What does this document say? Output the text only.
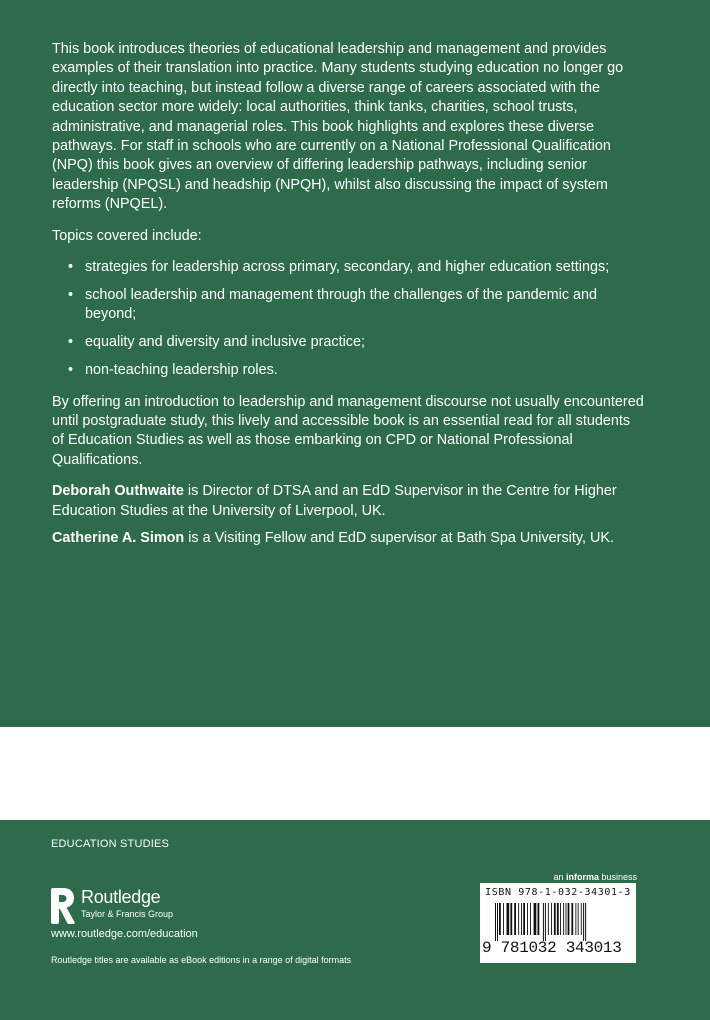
This book introduces theories of educational leadership and management and provides examples of their translation into practice. Many students studying education no longer go directly into teaching, but instead follow a diverse range of careers associated with the education sector more widely: local authorities, think tanks, charities, school trusts, administrative, and managerial roles. This book highlights and explores these diverse pathways. For staff in schools who are currently on a National Professional Qualification (NPQ) this book gives an overview of differing leadership pathways, including senior leadership (NPQSL) and headship (NPQH), whilst also discussing the impact of system reforms (NPQEL).

Topics covered include:

• strategies for leadership across primary, secondary, and higher education settings;
• school leadership and management through the challenges of the pandemic and beyond;
• equality and diversity and inclusive practice;
• non-teaching leadership roles.

By offering an introduction to leadership and management discourse not usually encountered until postgraduate study, this lively and accessible book is an essential read for all students of Education Studies as well as those embarking on CPD or National Professional Qualifications.

Deborah Outhwaite is Director of DTSA and an EdD Supervisor in the Centre for Higher Education Studies at the University of Liverpool, UK.

Catherine A. Simon is a Visiting Fellow and EdD supervisor at Bath Spa University, UK.

EDUCATION STUDIES
Routledge
Taylor & Francis Group
www.routledge.com/education
Routledge titles are available as eBook editions in a range of digital formats
an informa business
ISBN 978-1-032-34301-3
9 781032 343013
